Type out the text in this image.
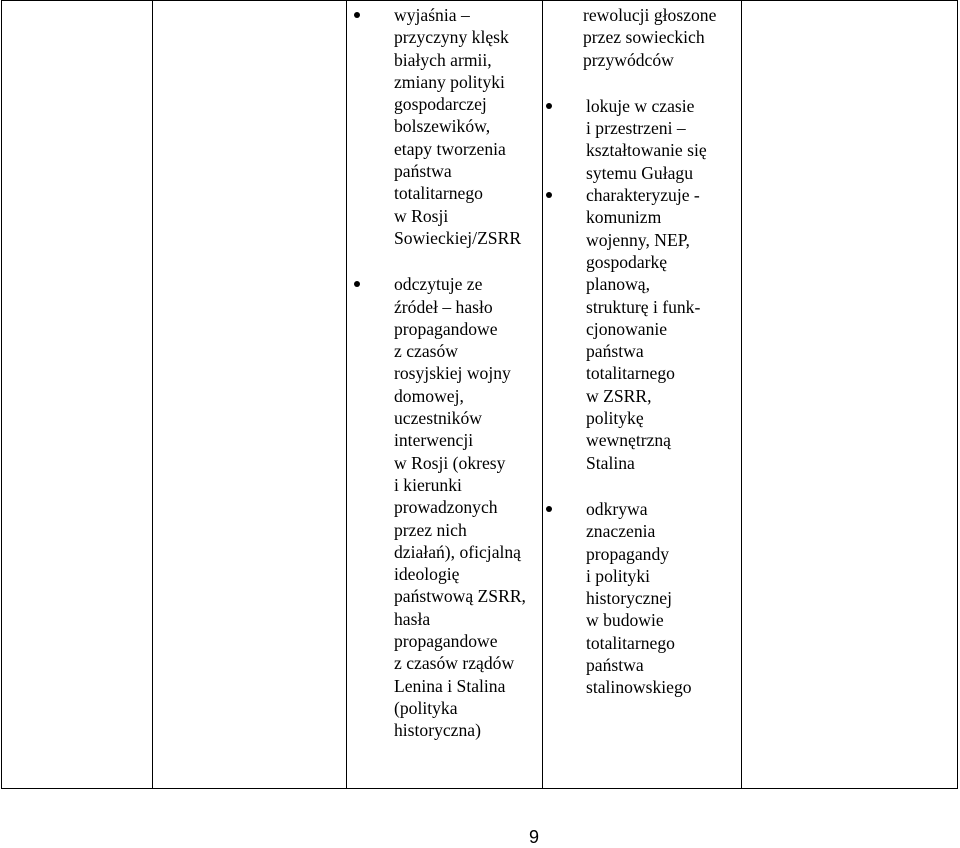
wyjaśnia –
przyczyny klęsk
białych armii,
zmiany polityki
gospodarczej
bolszewików,
etapy tworzenia
państwa
totalitarnego
w Rosji
Sowieckiej/ZSRR
odczytuje ze
źródeł – hasło
propagandowe
z czasów
rosyjskiej wojny
domowej,
uczestników
interwencji
w Rosji (okresy
i kierunki
prowadzonych
przez nich
działań), oficjalną
ideologię
państwową ZSRR,
hasła
propagandowe
z czasów rządów
Lenina i Stalina
(polityka
historyczna)
rewolucji głoszone
przez sowieckich
przywódców
lokuje w czasie
i przestrzeni –
kształtowanie się
sytemu Gułagu
charakteryzuje -
komunizm
wojenny, NEP,
gospodarkę
planową,
strukturę i funk-
cjonowanie
państwa
totalitarnego
w ZSRR,
politykę
wewnętrzną
Stalina
odkrywa
znaczenia
propagandy
i polityki
historycznej
w budowie
totalitarnego
państwa
stalinowskiego
9
